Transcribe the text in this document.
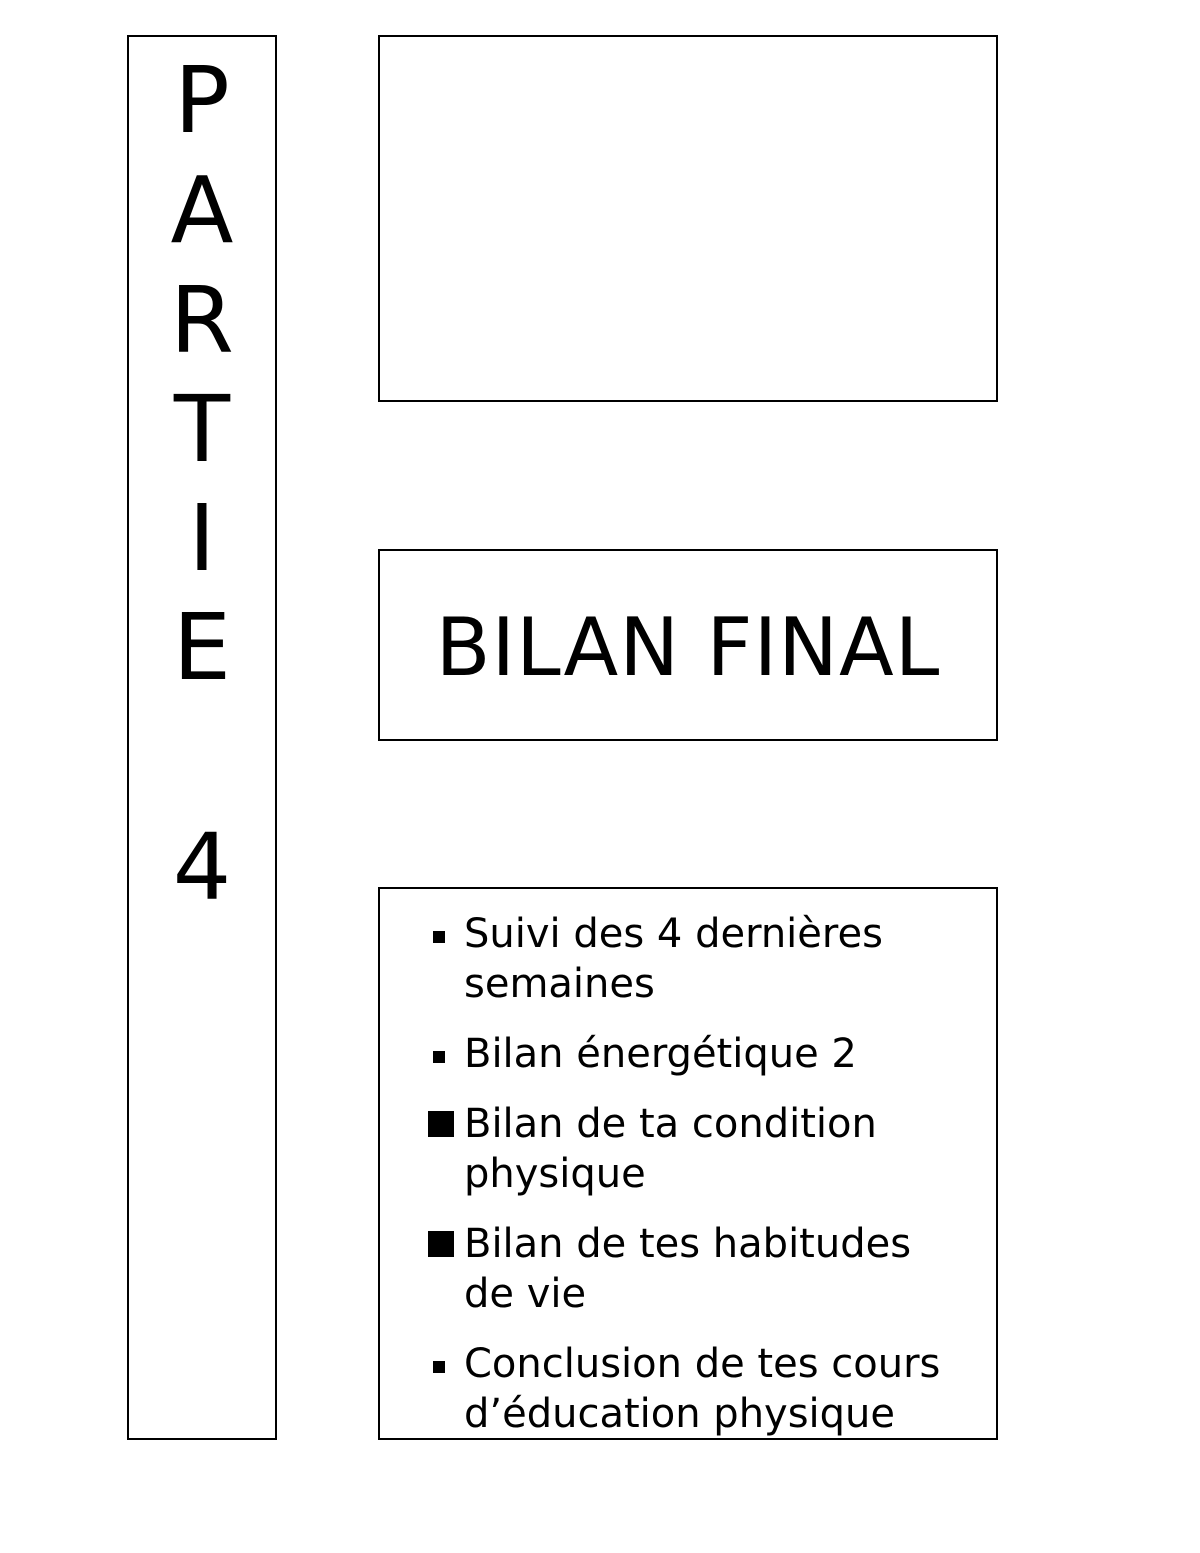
P
A
R
T
I
E
4
BILAN FINAL
Suivi des 4 dernières
semaines
Bilan énergétique 2
Bilan de ta condition
physique
Bilan de tes habitudes
de vie
Conclusion de tes cours
d’éducation physique
